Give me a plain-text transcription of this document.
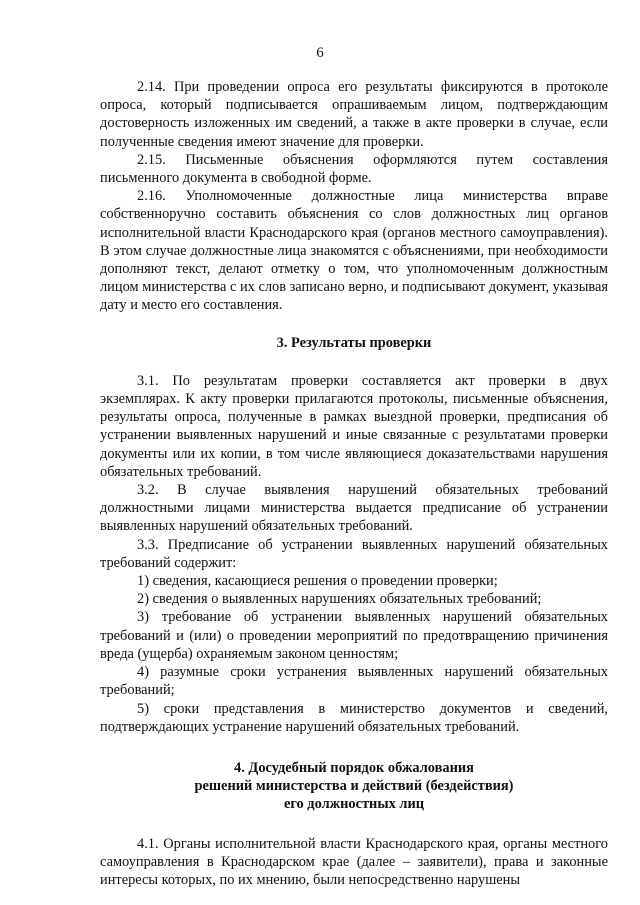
6

2.14. При проведении опроса его результаты фиксируются в протоколе опроса, который подписывается опрашиваемым лицом, подтверждающим достоверность изложенных им сведений, а также в акте проверки в случае, если полученные сведения имеют значение для проверки.

2.15. Письменные объяснения оформляются путем составления письменного документа в свободной форме.

2.16. Уполномоченные должностные лица министерства вправе собственноручно составить объяснения со слов должностных лиц органов исполнительной власти Краснодарского края (органов местного самоуправления). В этом случае должностные лица знакомятся с объяснениями, при необходимости дополняют текст, делают отметку о том, что уполномоченным должностным лицом министерства с их слов записано верно, и подписывают документ, указывая дату и место его составления.

3. Результаты проверки

3.1. По результатам проверки составляется акт проверки в двух экземплярах. К акту проверки прилагаются протоколы, письменные объяснения, результаты опроса, полученные в рамках выездной проверки, предписания об устранении выявленных нарушений и иные связанные с результатами проверки документы или их копии, в том числе являющиеся доказательствами нарушения обязательных требований.

3.2. В случае выявления нарушений обязательных требований должностными лицами министерства выдается предписание об устранении выявленных нарушений обязательных требований.

3.3. Предписание об устранении выявленных нарушений обязательных требований содержит:

1) сведения, касающиеся решения о проведении проверки;

2) сведения о выявленных нарушениях обязательных требований;

3) требование об устранении выявленных нарушений обязательных требований и (или) о проведении мероприятий по предотвращению причинения вреда (ущерба) охраняемым законом ценностям;

4) разумные сроки устранения выявленных нарушений обязательных требований;

5) сроки представления в министерство документов и сведений, подтверждающих устранение нарушений обязательных требований.

4. Досудебный порядок обжалования
решений министерства и действий (бездействия)
его должностных лиц

4.1. Органы исполнительной власти Краснодарского края, органы местного самоуправления в Краснодарском крае (далее – заявители), права и законные интересы которых, по их мнению, были непосредственно нарушены
